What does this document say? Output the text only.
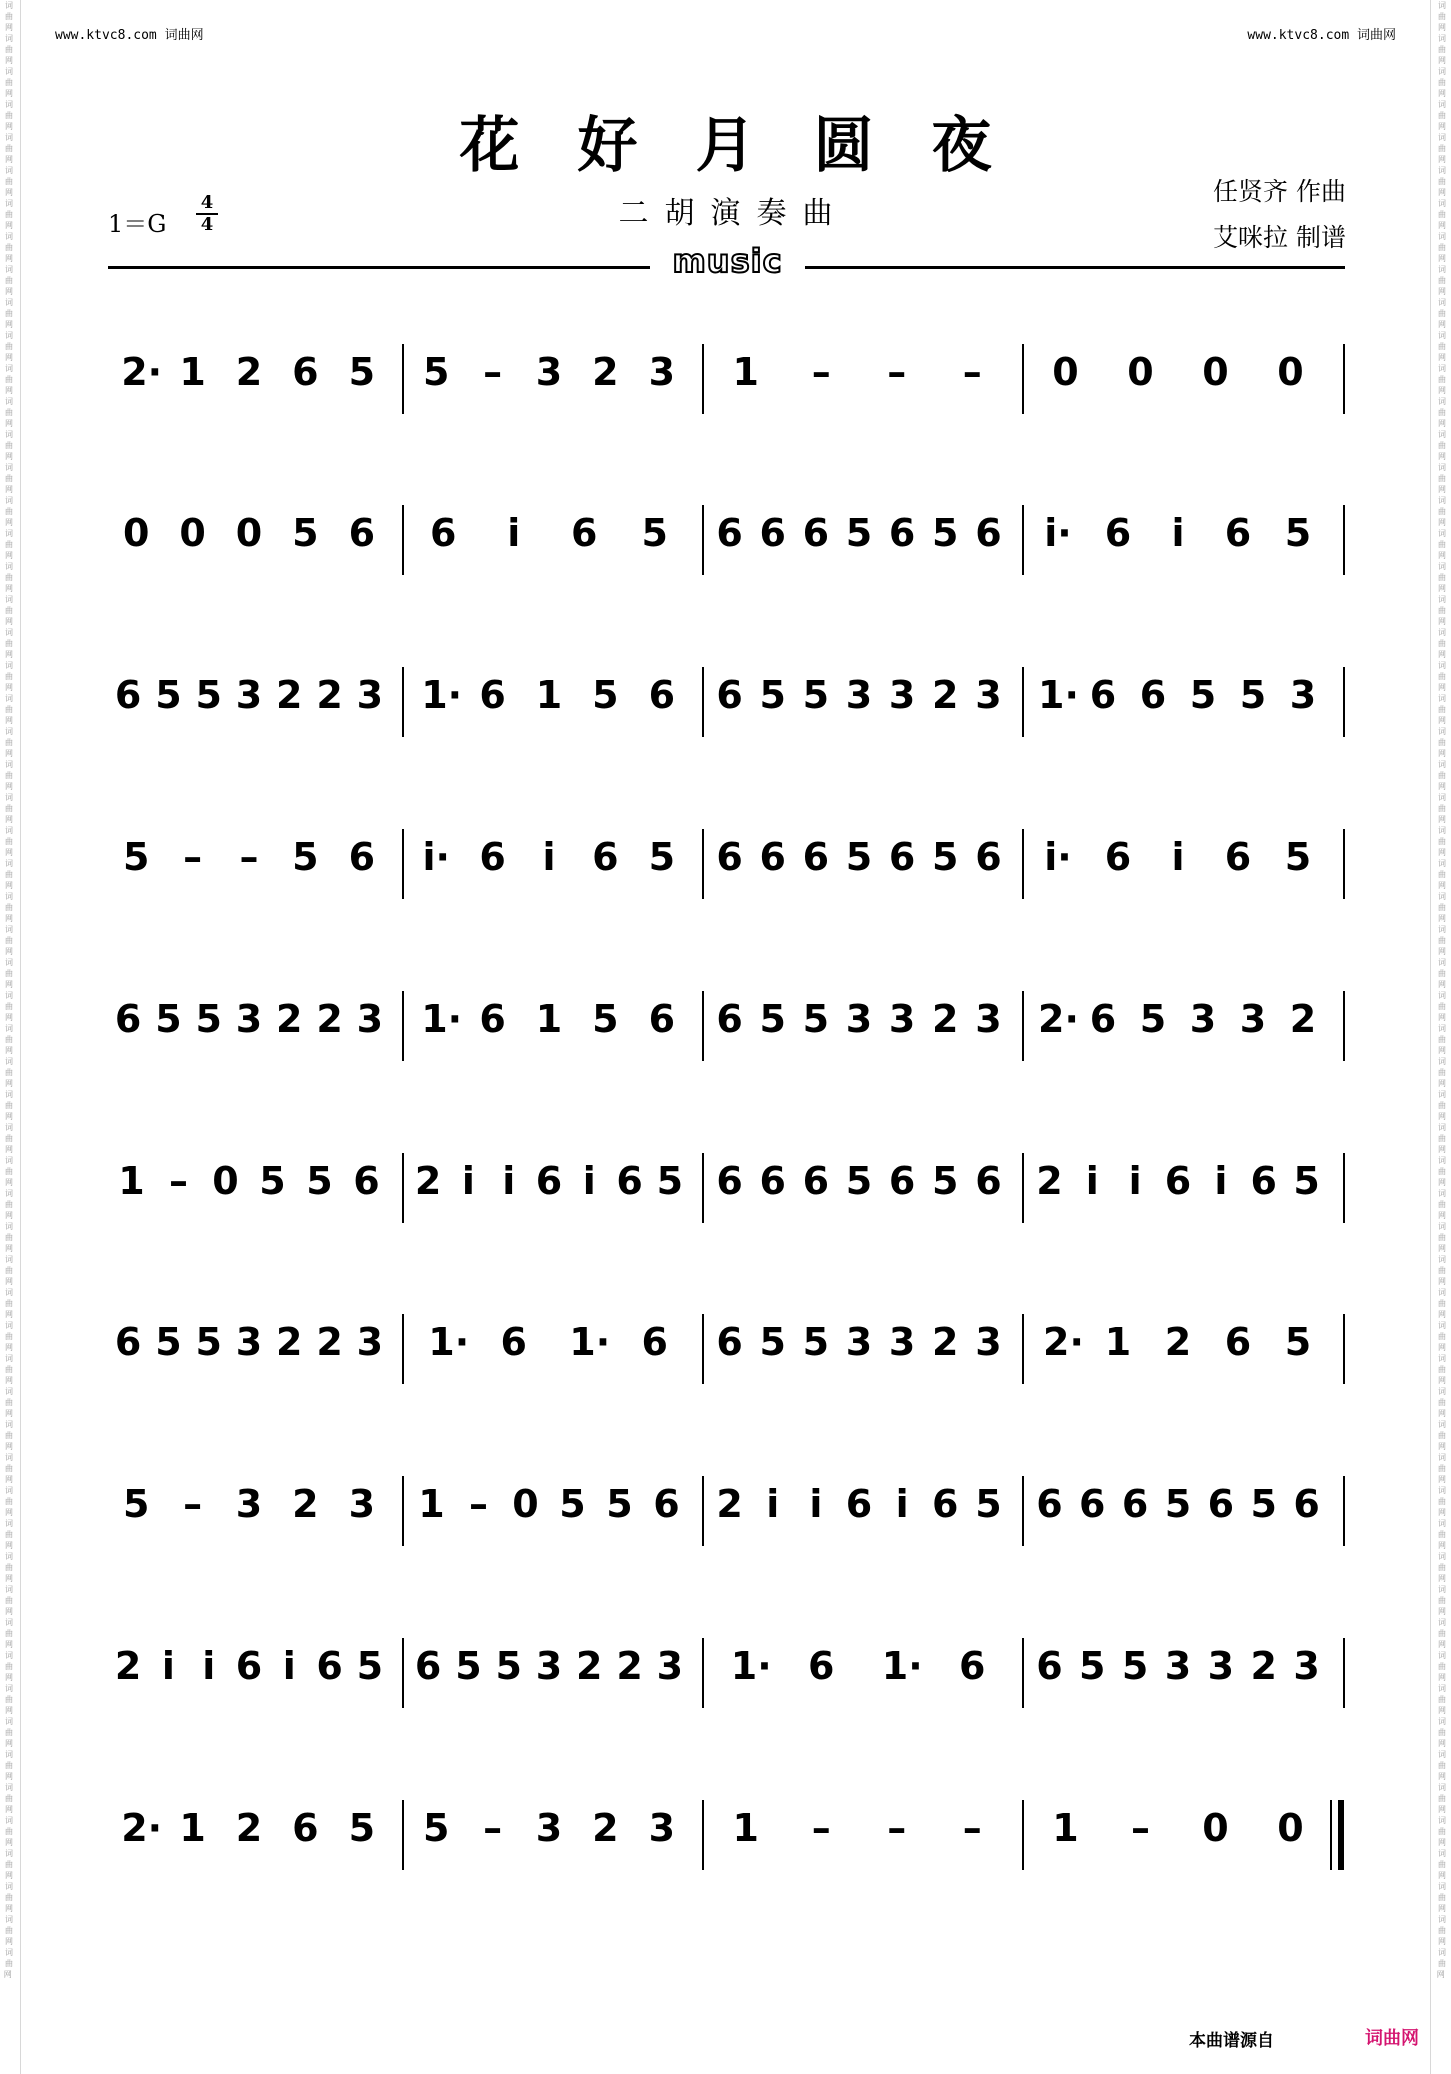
词曲网 词曲网 词曲网 词曲网 词曲网 词曲网 词曲网 词曲网 词曲网 词曲网 词曲网 词曲网 词曲网 词曲网 词曲网 词曲网 词曲网 词曲网 词曲网 词曲网 词曲网 词曲网 词曲网 词曲网 词曲网 词曲网 词曲网 词曲网 词曲网 词曲网 词曲网 词曲网 词曲网 词曲网 词曲网 词曲网 词曲网 词曲网 词曲网 词曲网 词曲网 词曲网 词曲网 词曲网 词曲网 词曲网 词曲网 词曲网 词曲网 词曲网 词曲网 词曲网 词曲网 词曲网 词曲网 词曲网 词曲网 词曲网 词曲网 词曲网
词曲网 词曲网 词曲网 词曲网 词曲网 词曲网 词曲网 词曲网 词曲网 词曲网 词曲网 词曲网 词曲网 词曲网 词曲网 词曲网 词曲网 词曲网 词曲网 词曲网 词曲网 词曲网 词曲网 词曲网 词曲网 词曲网 词曲网 词曲网 词曲网 词曲网 词曲网 词曲网 词曲网 词曲网 词曲网 词曲网 词曲网 词曲网 词曲网 词曲网 词曲网 词曲网 词曲网 词曲网 词曲网 词曲网 词曲网 词曲网 词曲网 词曲网 词曲网 词曲网 词曲网 词曲网 词曲网 词曲网 词曲网 词曲网 词曲网 词曲网
www.ktvc8.com 词曲网	www.ktvc8.com 词曲网
花好月圆夜
二胡演奏曲
任贤齐 作曲
艾咪拉 制谱
$1=G \frac{4}{4}$
music
2· 1 2 6 5 5 – 3 2 3 1 – – – 0 0 0 0
0 0 0 5 6 6 i 6 5 6 6 6 5 6 5 6 i· 6 i 6 5
6 5 5 3 2 2 3 1· 6 1 5 6 6 5 5 3 3 2 3 1· 6 6 5 5 3
5 – – 5 6 i· 6 i 6 5 6 6 6 5 6 5 6 i· 6 i 6 5
6 5 5 3 2 2 3 1· 6 1 5 6 6 5 5 3 3 2 3 2· 6 5 3 3 2
1 – 0 5 5 6 2 i i 6 i 6 5 6 6 6 5 6 5 6 2 i i 6 i 6 5
6 5 5 3 2 2 3 1· 6 1· 6 6 5 5 3 3 2 3 2· 1 2 6 5
5 – 3 2 3 1 – 0 5 5 6 2 i i 6 i 6 5 6 6 6 5 6 5 6
2 i i 6 i 6 5 6 5 5 3 2 2 3 1· 6 1· 6 6 5 5 3 3 2 3
2· 1 2 6 5 5 – 3 2 3 1 – – – 1 – 0 0
本曲谱源自	词曲网
